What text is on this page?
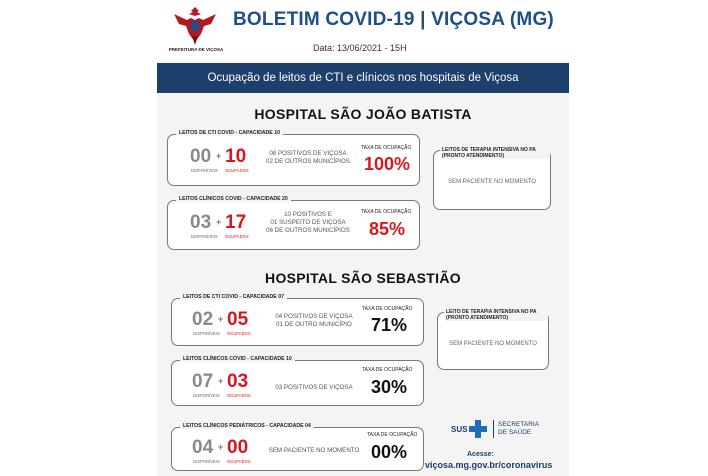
PREFEITURA DE VIÇOSA
BOLETIM COVID-19 | VIÇOSA (MG)
Data: 13/06/2021 - 15H
Ocupação de leitos de CTI e clínicos nos hospitais de Viçosa
HOSPITAL SÃO JOÃO BATISTA
LEITOS DE CTI COVID - CAPACIDADE 10
00 + 10
DISPONÍVEIS OCUPADOS
08 POSITIVOS DE VIÇOSA
02 DE OUTROS MUNICÍPIOS
TAXA DE OCUPAÇÃO
100%
LEITOS CLÍNICOS COVID - CAPACIDADE 20
03 + 17
DISPONÍVEIS OCUPADOS
10 POSITIVOS E
01 SUSPEITO DE VIÇOSA
06 DE OUTROS MUNICÍPIOS
TAXA DE OCUPAÇÃO
85%
LEITOS DE TERAPIA INTENSIVA NO PA (PRONTO ATENDIMENTO)
SEM PACIENTE NO MOMENTO
HOSPITAL SÃO SEBASTIÃO
LEITOS DE CTI COVID - CAPACIDADE 07
02 + 05
DISPONÍVEIS OCUPADOS
04 POSITIVOS DE VIÇOSA
01 DE OUTRO MUNICÍPIO
TAXA DE OCUPAÇÃO
71%
LEITOS CLÍNICOS COVID - CAPACIDADE 10
07 + 03
DISPONÍVEIS OCUPADOS
03 POSITIVOS DE VIÇOSA
TAXA DE OCUPAÇÃO
30%
LEITOS CLÍNICOS PEDIÁTRICOS - CAPACIDADE 04
04 + 00
DISPONÍVEIS OCUPADOS
SEM PACIENTE NO MOMENTO
TAXA DE OCUPAÇÃO
00%
LEITO DE TERAPIA INTENSIVA NO PA (PRONTO ATENDIMENTO)
SEM PACIENTE NO MOMENTO
SUS
SECRETARIA
DE SAÚDE
Acesse:
viçosa.mg.gov.br/coronavirus
